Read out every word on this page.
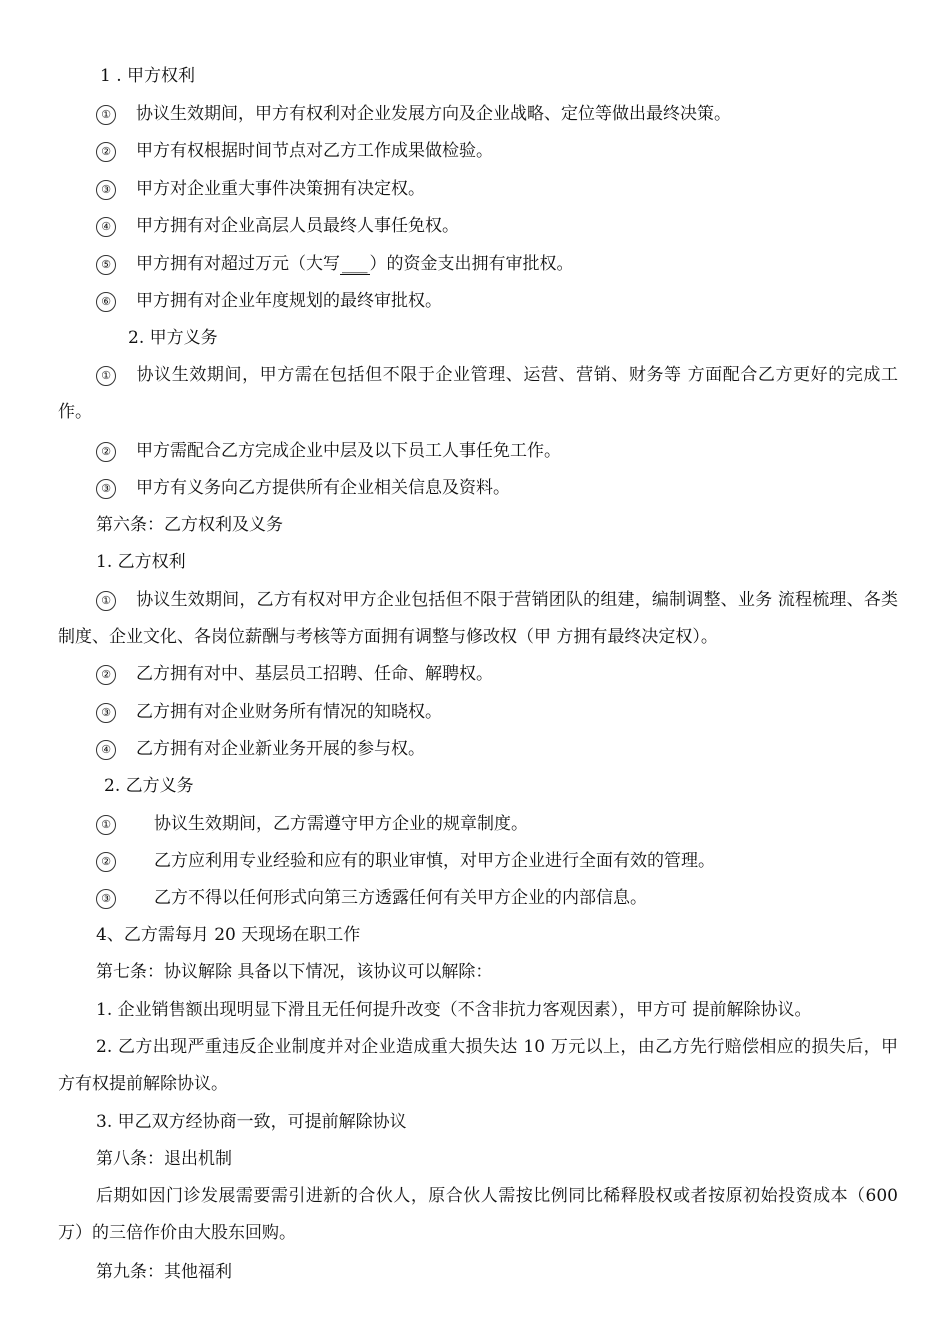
1 . 甲方权利
① 协议生效期间，甲方有权利对企业发展方向及企业战略、定位等做出最终决策。
② 甲方有权根据时间节点对乙方工作成果做检验。
③ 甲方对企业重大事件决策拥有决定权。
④ 甲方拥有对企业高层人员最终人事任免权。
⑤ 甲方拥有对超过万元（大写 ___ ）的资金支出拥有审批权。
⑥ 甲方拥有对企业年度规划的最终审批权。
2. 甲方义务
① 协议生效期间，甲方需在包括但不限于企业管理、运营、营销、财务等 方面配合乙方更好的完成工作。
② 甲方需配合乙方完成企业中层及以下员工人事任免工作。
③ 甲方有义务向乙方提供所有企业相关信息及资料。
第六条：乙方权利及义务
1. 乙方权利
① 协议生效期间，乙方有权对甲方企业包括但不限于营销团队的组建，编制调整、业务 流程梳理、各类制度、企业文化、各岗位薪酬与考核等方面拥有调整与修改权（甲 方拥有最终决定权）。
② 乙方拥有对中、基层员工招聘、任命、解聘权。
③ 乙方拥有对企业财务所有情况的知晓权。
④ 乙方拥有对企业新业务开展的参与权。
2. 乙方义务
①	协议生效期间，乙方需遵守甲方企业的规章制度。
②	乙方应利用专业经验和应有的职业审慎，对甲方企业进行全面有效的管理。
③	乙方不得以任何形式向第三方透露任何有关甲方企业的内部信息。
4、乙方需每月 20 天现场在职工作
第七条：协议解除 具备以下情况，该协议可以解除：
1. 企业销售额出现明显下滑且无任何提升改变（不含非抗力客观因素），甲方可 提前解除协议。
2. 乙方出现严重违反企业制度并对企业造成重大损失达 10 万元以上，由乙方先行赔偿相应的损失后，甲方有权提前解除协议。
3. 甲乙双方经协商一致，可提前解除协议
第八条：退出机制
后期如因门诊发展需要需引进新的合伙人，原合伙人需按比例同比稀释股权或者按原初始投资成本（600 万）的三倍作价由大股东回购。
第九条：其他福利
